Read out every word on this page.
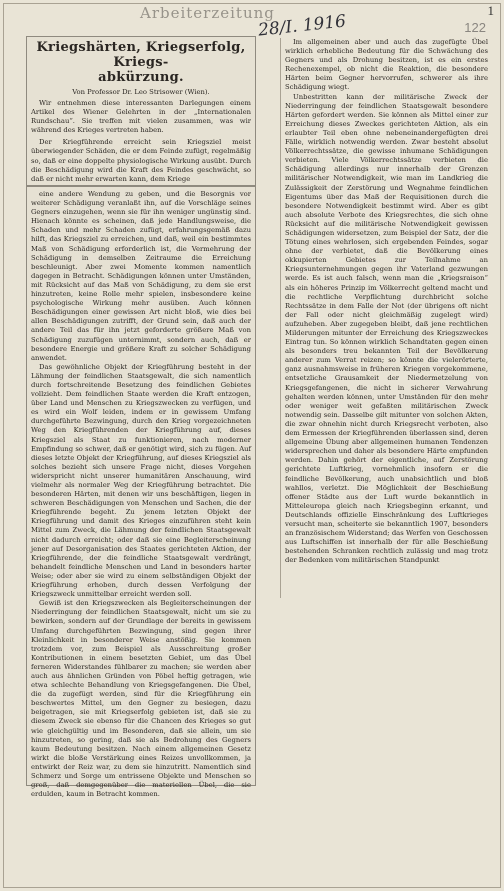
Arbeiterzeitung
28/I. 1916	122
1
Kriegshärten, Kriegserfolg, Kriegs-
abkürzung.
Von Professor Dr. Leo Strisower (Wien).

Wir entnehmen diese interessanten Darlegungen einem Artikel des Wiener Gelehrten in der „Internationalen Rundschau“. Sie treffen mit vielen zusammen, was wir während des Krieges vertreten haben.

Der Kriegführende erreicht sein Kriegsziel meist überwiegender Schäden, die er dem Feinde zufügt, regelmäßig so, daß er eine doppelte physiologische Wirkung ausübt. Durch die Beschädigung wird die Kraft des Feindes geschwächt, so daß er nicht mehr erwarten kann, dem Kriege

eine andere Wendung zu geben, und die Besorgnis vor weiterer Schädigung veranlaßt ihn, auf die Vorschläge seines Gegners einzugehen, wenn sie für ihn weniger ungünstig sind. Hienach könnte es scheinen, daß jede Handlungsweise, die Schaden und mehr Schaden zufügt, erfahrungsgemäß dazu hilft, das Kriegsziel zu erreichen, und daß, weil ein bestimmtes Maß von Schädigung erforderlich ist, die Vermehrung der Schädigung in demselben Zeitraume die Erreichung beschleunigt. Aber zwei Momente kommen namentlich dagegen in Betracht. Schädigungen können unter Umständen, mit Rücksicht auf das Maß von Schädigung, zu dem sie erst hinzutreten, keine Rolle mehr spielen, insbesondere keine psychologische Wirkung mehr ausüben. Auch können Beschädigungen einer gewissen Art nicht bloß, wie dies bei allen Beschädigungen zutrifft, der Grund sein, daß auch der andere Teil das für ihn jetzt geforderte größere Maß von Schädigung zuzufügen unternimmt, sondern auch, daß er besondere Energie und größere Kraft zu solcher Schädigung anwendet.

Das gewöhnliche Objekt der Kriegführung besteht in der Lähmung der feindlichen Staatsgewalt, die sich namentlich durch fortschreitende Besetzung des feindlichen Gebietes vollzieht. Dem feindlichen Staate werden die Kraft entzogen, über Land und Menschen zu Kriegszwecken zu verfügen, und es wird ein Wolf leiden, indem er in gewissem Umfang durchgeführte Bezwingung, durch den Krieg vorgezeichneten Weg den Kriegführenden der Kriegführung auf, dieses Kriegsziel als Staat zu funktionieren, nach moderner Empfindung so schwer, daß er genötigt wird, sich zu fügen. Auf dieses letzte Objekt der Kriegführung, auf dieses Kriegsziel als solches bezieht sich unsere Frage nicht, dieses Vorgehen widerspricht nicht unserer humanitären Anschauung, wird vielmehr als normaler Weg der Kriegführung betrachtet. Die besonderen Härten, mit denen wir uns beschäftigen, liegen in schweren Beschädigungen von Menschen und Sachen, die der Kriegführende begeht. Zu jenem letzten Objekt der Kriegführung und damit des Krieges einzuführen steht kein Mittel zum Zweck, die Lähmung der feindlichen Staatsgewalt nicht dadurch erreicht; oder daß sie eine Begleiterscheinung jener auf Desorganisation des Staates gerichteten Aktion, der Kriegführende, der die feindliche Staatsgewalt verdrängt, behandelt feindliche Menschen und Land in besonders harter Weise; oder aber sie wird zu einem selbständigen Objekt der Kriegführung erhoben, durch dessen Verfolgung der Kriegszweck unmittelbar erreicht werden soll.

Gewiß ist den Kriegszwecken als Begleiterscheinungen der Niederringung der feindlichen Staatsgewalt, nicht um sie zu bewirken, sondern auf der Grundlage der bereits in gewissem Umfang durchgeführten Bezwingung, sind gegen ihrer Kleinlichkeit in besonderer Weise anstößig. Sie kommen trotzdem vor, zum Beispiel als Ausschreitung großer Kontributionen in einem besetzten Gebiet, um das Übel ferneren Widerstandes fühlbarer zu machen; sie werden aber auch aus ähnlichen Gründen von Pöbel heftig getragen, wie etwa schlechte Behandlung von Kriegsgefangenen. Die Übel, die da zugefügt werden, sind für die Kriegführung ein beschwertes Mittel, um den Gegner zu besiegen, dazu beigetragen, sie mit Kriegserfolg gebieten ist, daß sie zu diesem Zweck sie ebenso für die Chancen des Krieges so gut wie gleichgültig und im Besonderen, daß sie allein, um sie hinzutreten, so gering, daß sie als Bedrohung des Gegners kaum Bedeutung besitzen. Nach einem allgemeinen Gesetz wirkt die bloße Verstärkung eines Reizes unvollkommen, ja entwirkt der Reiz war, zu dem sie hinzutritt. Namentlich sind Schmerz und Sorge um entrissene Objekte und Menschen so groß, daß demgegenüber die materiellen Übel, die sie erdulden, kaum in Betracht kommen.

Im allgemeinen aber und auch das zugefügte Übel wirklich erhebliche Bedeutung für die Schwächung des Gegners und als Drohung besitzen, ist es ein erstes Rechenexempel, ob nicht die Reaktion, die besondere Härten beim Gegner hervorrufen, schwerer als ihre Schädigung wiegt.

Unbestritten kann der militärische Zweck der Niederringung der feindlichen Staatsgewalt besondere Härten gefordert werden. Sie können als Mittel einer zur Erreichung dieses Zweckes gerichteten Aktion, als ein erlaubter Teil eben ohne nebeneinandergefügten drei Fälle, wirklich notwendig werden. Zwar besteht absolut Völkerrechtssätze, die gewisse inhumane Schädigungen verbieten. Viele Völkerrechtssätze verbieten die Schädigung allerdings nur innerhalb der Grenzen militärischer Notwendigkeit, wie man im Landkrieg die Zulässigkeit der Zerstörung und Wegnahme feindlichen Eigentums über das Maß der Requisitionen durch die besondere Notwendigkeit bestimmt wird. Aber es gibt auch absolute Verbote des Kriegsrechtes, die sich ohne Rücksicht auf die militärische Notwendigkeit gewissen Schädigungen widersetzen, zum Beispiel der Satz, der die Tötung eines wehrlosen, sich ergebenden Feindes, sogar ohne der verbietet, daß die Bevölkerung eines okkupierten Gebietes zur Teilnahme an Kriegsunternehmungen gegen ihr Vaterland gezwungen werde. Es ist auch falsch, wenn man die „Kriegsraison“ als ein höheres Prinzip im Völkerrecht geltend macht und die rechtliche Verpflichtung durchbricht solche Rechtssätze in dem Falle der Not (der übrigens oft nicht der Fall oder nicht gleichmäßig zugelegt wird) aufzuheben. Aber zugegeben bleibt, daß jene rechtlichen Milderungen mitunter der Erreichung des Kriegszweckes Eintrag tun. So können wirklich Schandtaten gegen einen als besonders treu bekannten Teil der Bevölkerung anderer zum Verrat reizen; so könnte die vielerörterte, ganz ausnahmsweise in früheren Kriegen vorgekommene, entsetzliche Grausamkeit der Niedermetzelung von Kriegsgefangenen, die nicht in sicherer Verwahrung gehalten werden können, unter Umständen für den mehr oder weniger weit gefaßten militärischen Zweck notwendig sein. Dasselbe gilt mitunter von solchen Akten, die zwar ohnehin nicht durch Kriegsrecht verboten, also dem Ermessen der Kriegführenden überlassen sind, deren allgemeine Übung aber allgemeinen humanen Tendenzen widersprechen und daher als besondere Härte empfunden werden. Dahin gehört der eigentliche, auf Zerstörung gerichtete Luftkrieg, vornehmlich insofern er die feindliche Bevölkerung, auch unabsichtlich und bloß wahllos, verletzt. Die Möglichkeit der Beschießung offener Städte aus der Luft wurde bekanntlich in Mitteleuropa gleich nach Kriegsbeginn erkannt, und Deutschlands offizielle Einschränkung des Luftkrieges versucht man, scheiterte sie bekanntlich 1907, besonders an französischem Widerstand; das Werfen von Geschossen aus Luftschiffen ist innerhalb der für alle Beschießung bestehenden Schranken rechtlich zulässig und mag trotz der Bedenken vom militärischen Standpunkt
